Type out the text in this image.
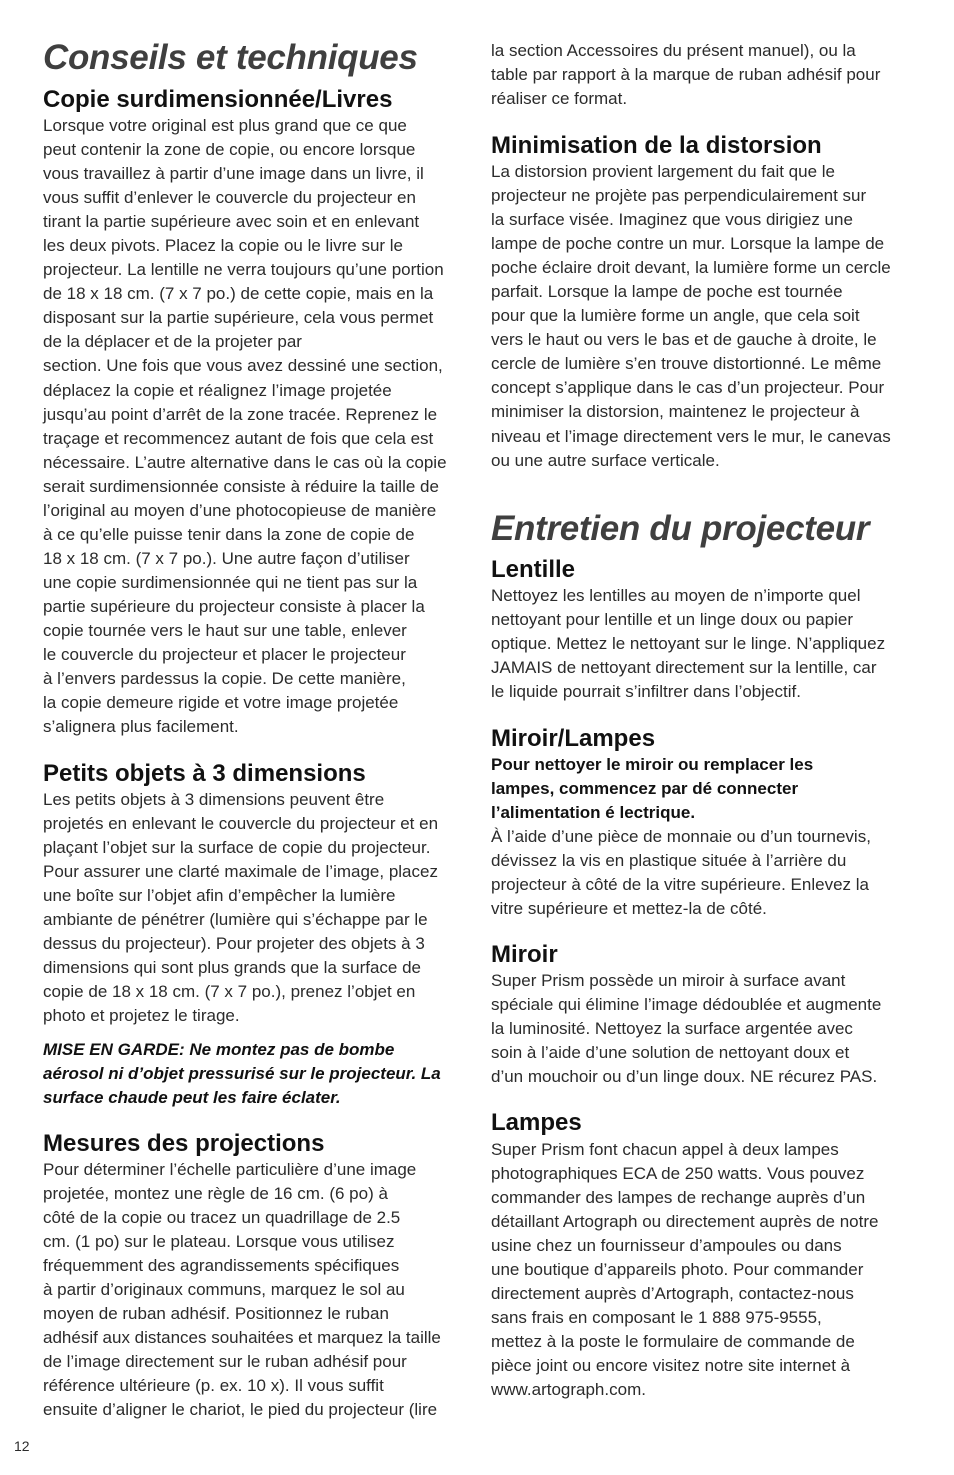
Conseils et techniques
Copie surdimensionnée/Livres
Lorsque votre original est plus grand que ce que
peut contenir la zone de copie, ou encore lorsque
vous travaillez à partir d’une image dans un livre, il
vous suffit d’enlever le couvercle du projecteur en
tirant la partie supérieure avec soin et en enlevant
les deux pivots. Placez la copie ou le livre sur le
projecteur. La lentille ne verra toujours qu’une portion
de 18 x 18 cm. (7 x 7 po.) de cette copie, mais en la
disposant sur la partie supérieure, cela vous permet
de la déplacer et de la projeter par
section. Une fois que vous avez dessiné une section,
déplacez la copie et réalignez l’image projetée
jusqu’au point d’arrêt de la zone tracée. Reprenez le
traçage et recommencez autant de fois que cela est
nécessaire. L’autre alternative dans le cas où la copie
serait surdimensionnée consiste à réduire la taille de
l’original au moyen d’une photocopieuse de manière
à ce qu’elle puisse tenir dans la zone de copie de
18 x 18 cm. (7 x 7 po.). Une autre façon d’utiliser
une copie surdimensionnée qui ne tient pas sur la
partie supérieure du projecteur consiste à placer la
copie tournée vers le haut sur une table, enlever
le couvercle du projecteur et placer le projecteur
à l’envers pardessus la copie. De cette manière,
la copie demeure rigide et votre image projetée
s’alignera plus facilement.
Petits objets à 3 dimensions
Les petits objets à 3 dimensions peuvent être
projetés en enlevant le couvercle du projecteur et en
plaçant l’objet sur la surface de copie du projecteur.
Pour assurer une clarté maximale de l’image, placez
une boîte sur l’objet afin d’empêcher la lumière
ambiante de pénétrer (lumière qui s’échappe par le
dessus du projecteur). Pour projeter des objets à 3
dimensions qui sont plus grands que la surface de
copie de 18 x 18 cm. (7 x 7 po.), prenez l’objet en
photo et projetez le tirage.
MISE EN GARDE: Ne montez pas de bombe
aérosol ni d’objet pressurisé sur le projecteur. La
surface chaude peut les faire éclater.
Mesures des projections
Pour déterminer l’échelle particulière d’une image
projetée, montez une règle de 16 cm. (6 po) à
côté de la copie ou tracez un quadrillage de 2.5
cm. (1 po) sur le plateau. Lorsque vous utilisez
fréquemment des agrandissements spécifiques
à partir d’originaux communs, marquez le sol au
moyen de ruban adhésif. Positionnez le ruban
adhésif aux distances souhaitées et marquez la taille
de l’image directement sur le ruban adhésif pour
référence ultérieure (p. ex. 10 x). Il vous suffit
ensuite d’aligner le chariot, le pied du projecteur (lire
la section Accessoires du présent manuel), ou la
table par rapport à la marque de ruban adhésif pour
réaliser ce format.
Minimisation de la distorsion
La distorsion provient largement du fait que le
projecteur ne projète pas perpendiculairement sur
la surface visée. Imaginez que vous dirigiez une
lampe de poche contre un mur. Lorsque la lampe de
poche éclaire droit devant, la lumière forme un cercle
parfait. Lorsque la lampe de poche est tournée
pour que la lumière forme un angle, que cela soit
vers le haut ou vers le bas et de gauche à droite, le
cercle de lumière s’en trouve distortionné. Le même
concept s’applique dans le cas d’un projecteur. Pour
minimiser la distorsion, maintenez le projecteur à
niveau et l’image directement vers le mur, le canevas
ou une autre surface verticale.
Entretien du projecteur
Lentille
Nettoyez les lentilles au moyen de n’importe quel
nettoyant pour lentille et un linge doux ou papier
optique. Mettez le nettoyant sur le linge. N’appliquez
JAMAIS de nettoyant directement sur la lentille, car
le liquide pourrait s’infiltrer dans l’objectif.
Miroir/Lampes
Pour nettoyer le miroir ou remplacer les
lampes, commencez par dé connecter
l’alimentation é lectrique.
À l’aide d’une pièce de monnaie ou d’un tournevis,
dévissez la vis en plastique située à l’arrière du
projecteur à côté de la vitre supérieure. Enlevez la
vitre supérieure et mettez-la de côté.
Miroir
Super Prism possède un miroir à surface avant
spéciale qui élimine l’image dédoublée et augmente
la luminosité. Nettoyez la surface argentée avec
soin à l’aide d’une solution de nettoyant doux et
d’un mouchoir ou d’un linge doux. NE récurez PAS.
Lampes
Super Prism font chacun appel à deux lampes
photographiques ECA de 250 watts. Vous pouvez
commander des lampes de rechange auprès d’un
détaillant Artograph ou directement auprès de notre
usine chez un fournisseur d’ampoules ou dans
une boutique d’appareils photo. Pour commander
directement auprès d’Artograph, contactez-nous
sans frais en composant le 1 888 975-9555,
mettez à la poste le formulaire de commande de
pièce joint ou encore visitez notre site internet à
www.artograph.com.
12
